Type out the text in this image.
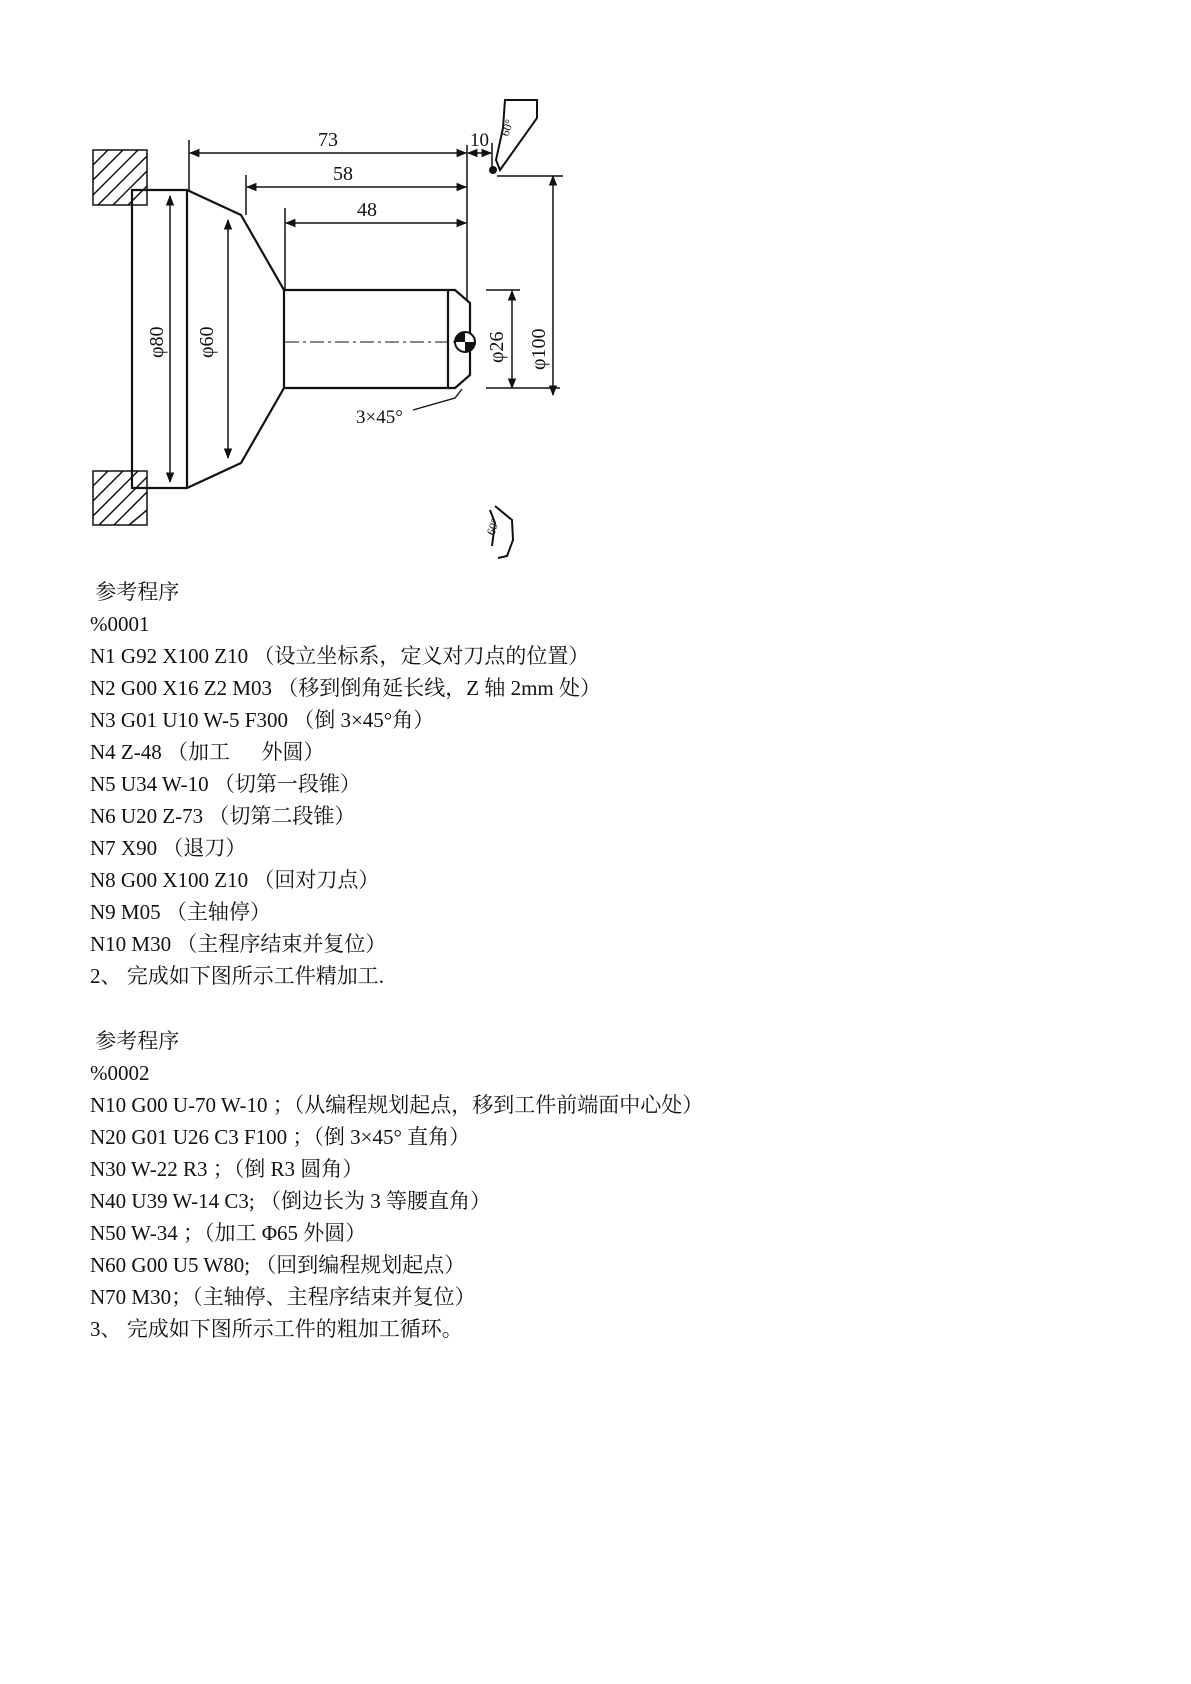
60°
60°
73	10
58
48
φ80 φ60	φ26 φ100
3×45°
参考程序
%0001
N1 G92 X100 Z10 （设立坐标系，定义对刀点的位置）
N2 G00 X16 Z2 M03 （移到倒角延长线，Z 轴 2mm 处）
N3 G01 U10 W-5 F300 （倒 3×45°角）
N4 Z-48 （加工      外圆）
N5 U34 W-10 （切第一段锥）
N6 U20 Z-73 （切第二段锥）
N7 X90 （退刀）
N8 G00 X100 Z10 （回对刀点）
N9 M05 （主轴停）
N10 M30 （主程序结束并复位）
2、 完成如下图所示工件精加工.
参考程序
%0002
N10 G00 U-70 W-10 ；（从编程规划起点，移到工件前端面中心处）
N20 G01 U26 C3 F100 ；（倒 3×45° 直角）
N30 W-22 R3 ；（倒 R3 圆角）
N40 U39 W-14 C3; （倒边长为 3 等腰直角）
N50 W-34 ；（加工 Φ65 外圆）
N60 G00 U5 W80; （回到编程规划起点）
N70 M30；（主轴停、主程序结束并复位）
3、 完成如下图所示工件的粗加工循环。
